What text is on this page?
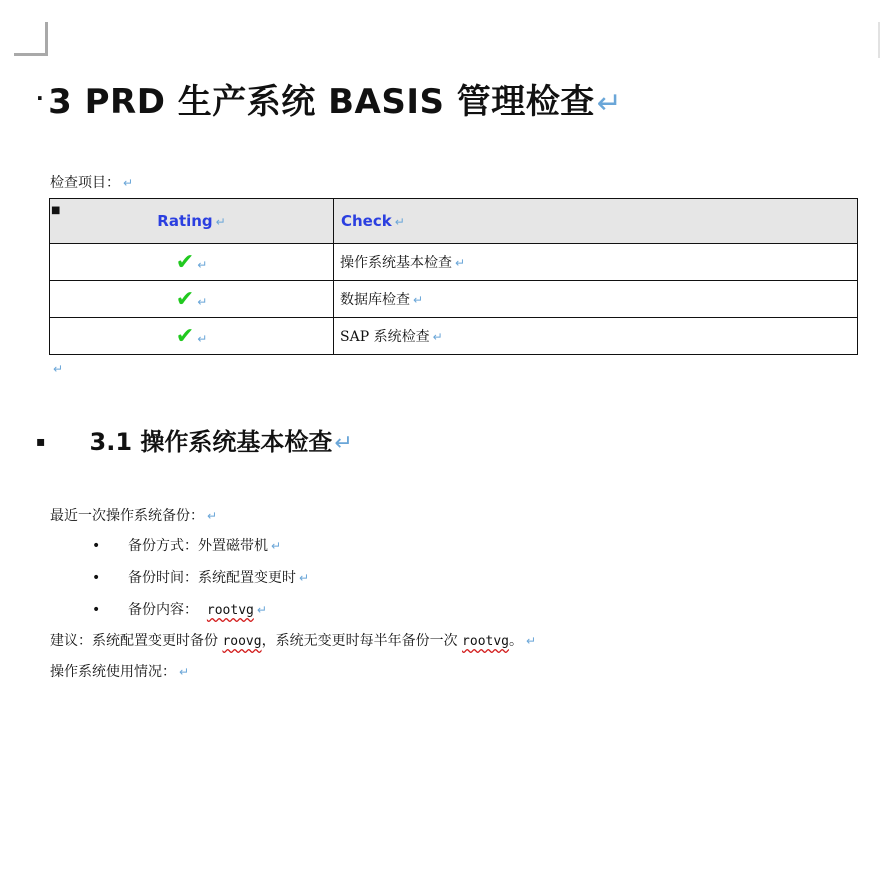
· 3 PRD 生产系统 BASIS 管理检查↵
检查项目： ↵
■
Rating ↵	Check ↵
✔ ↵	操作系统基本检查 ↵
✔ ↵	数据库检查 ↵
✔ ↵	SAP 系统检查 ↵
↵
▪ 3.1 操作系统基本检查↵
最近一次操作系统备份： ↵
• 备份方式：外置磁带机 ↵
• 备份时间：系统配置变更时 ↵
• 备份内容：  rootvg ↵
建议：系统配置变更时备份 roovg，系统无变更时每半年备份一次 rootvg。 ↵
操作系统使用情况： ↵
